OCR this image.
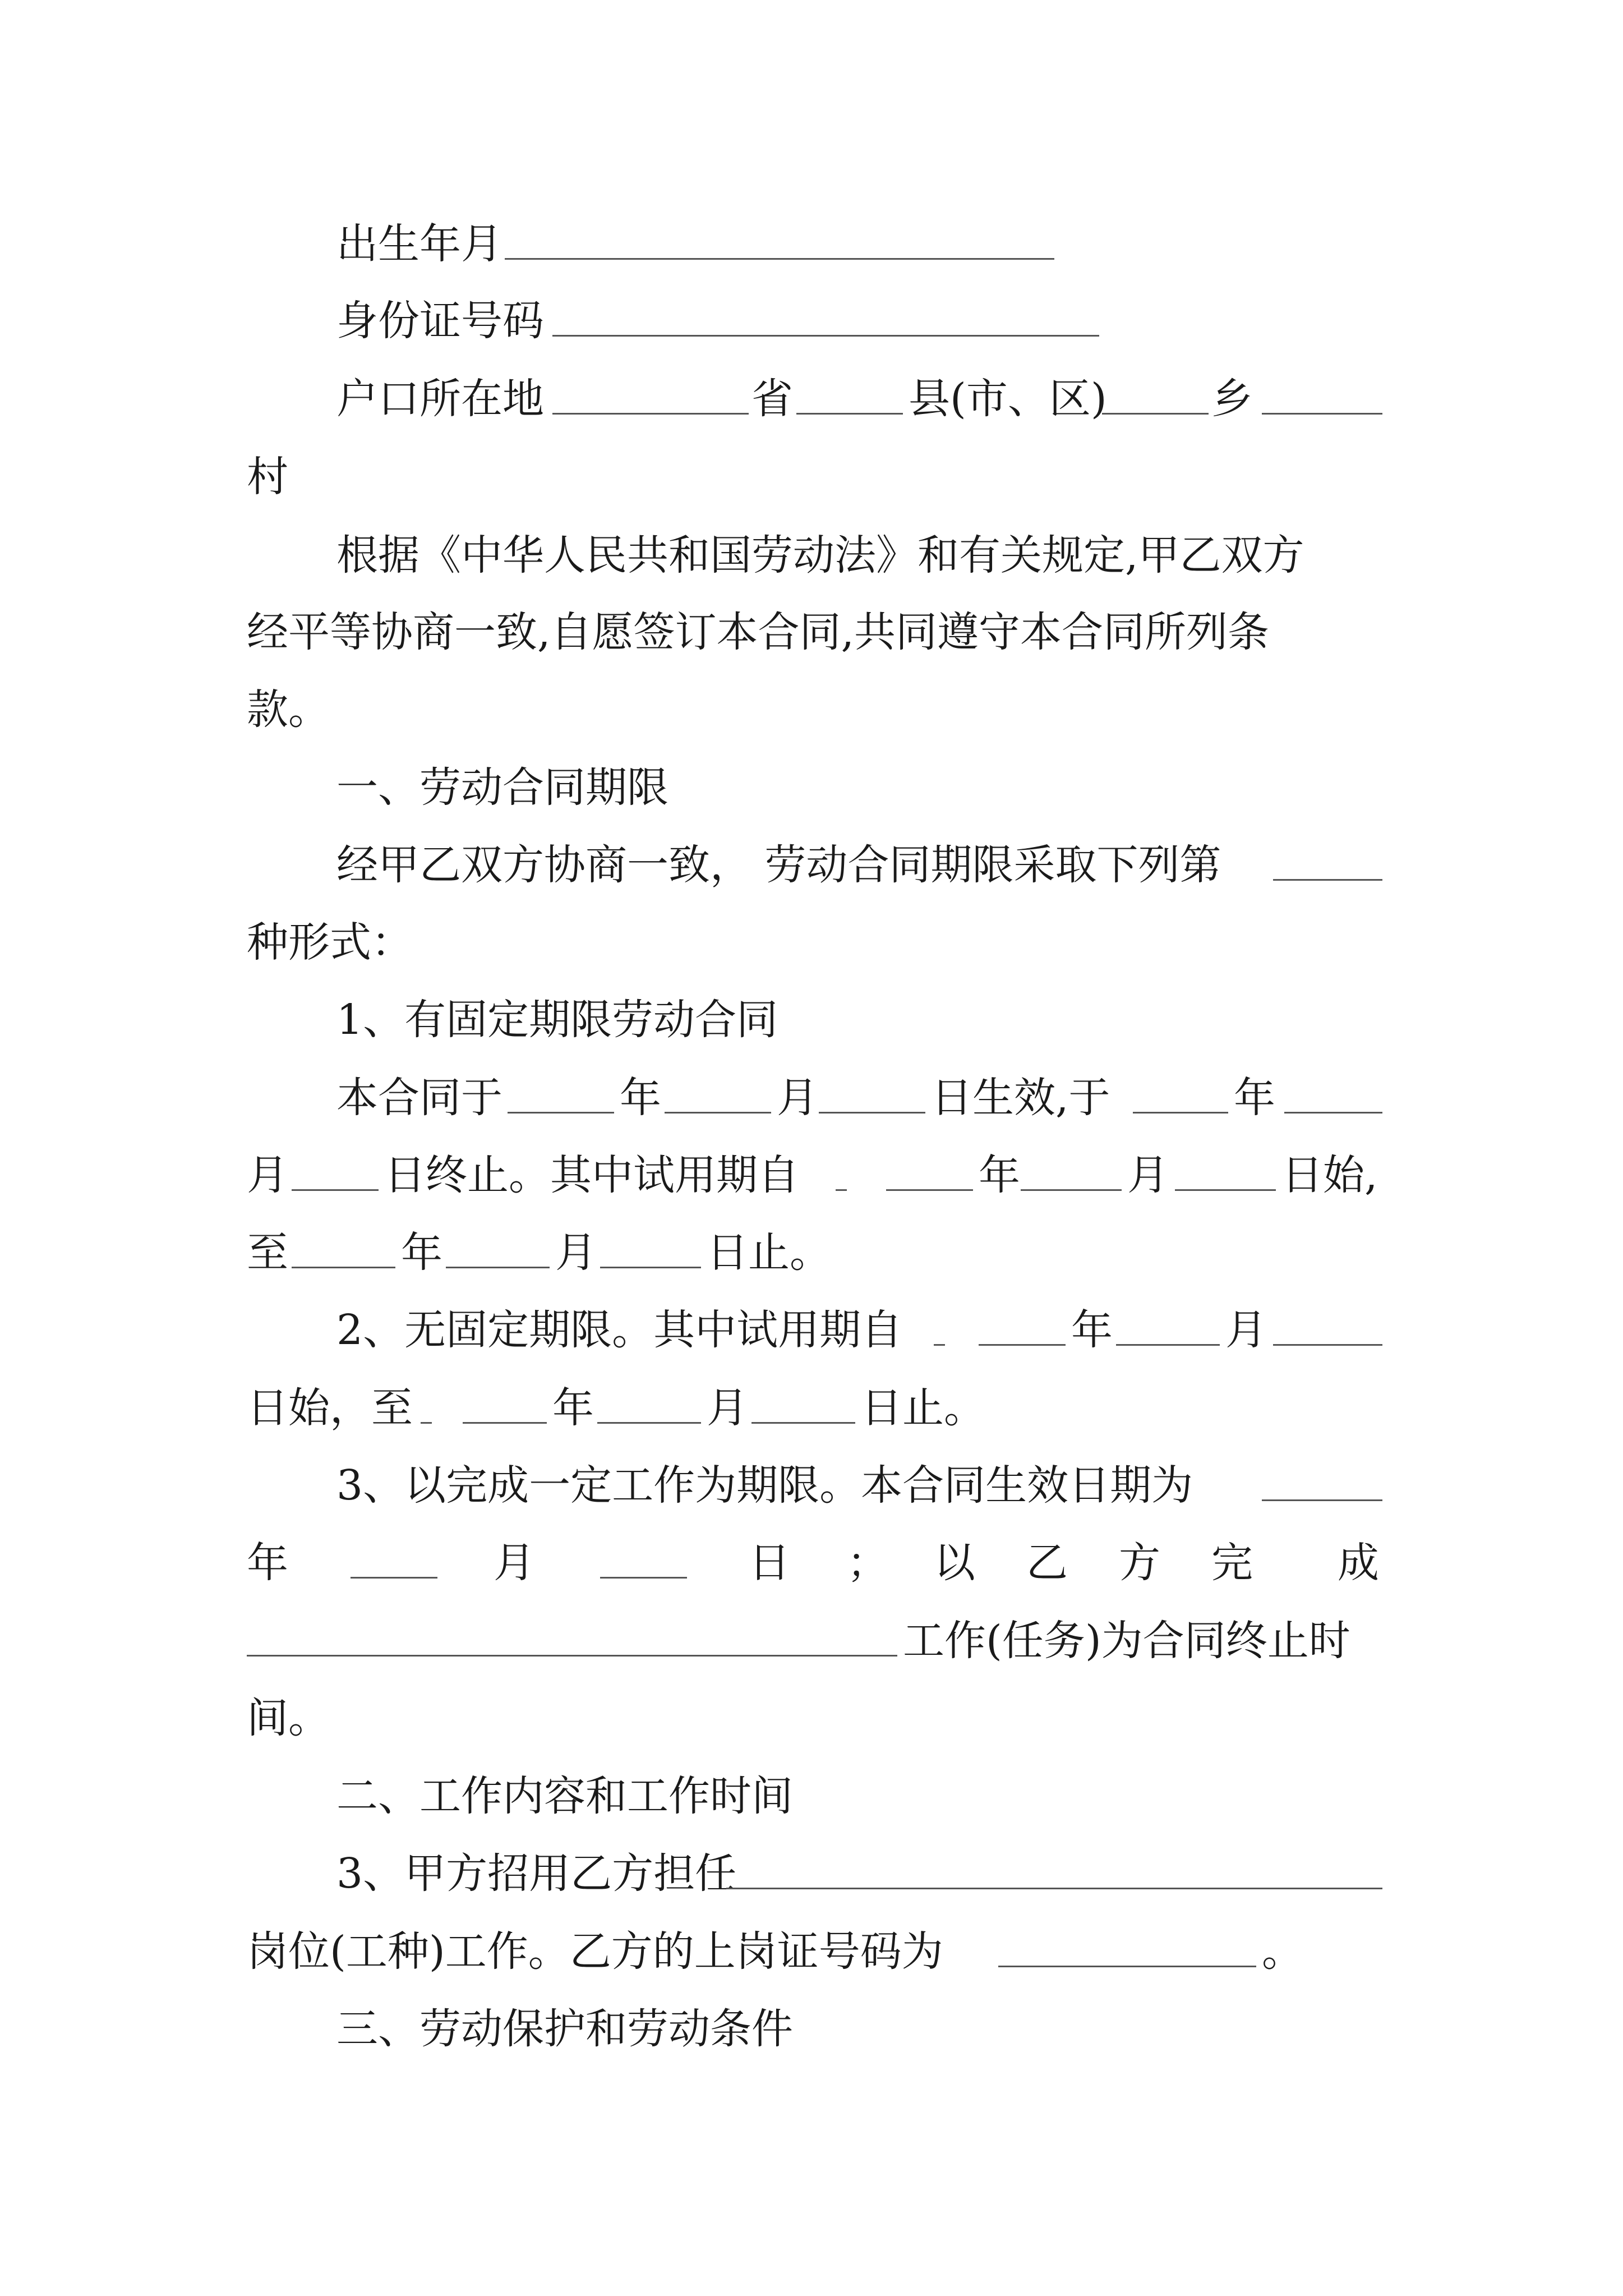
出生年月
身份证号码
户口所在地	省	县(市、区)	乡
村
根据《中华人民共和国劳动法》和有关规定,甲乙双方
经平等协商一致,自愿签订本合同,共同遵守本合同所列条
款。
一、劳动合同期限
经甲乙双方协商一致， 劳动合同期限采取下列第
种形式：
1、有固定期限劳动合同
本合同于	年	月	日生效,于	年
月 日终止。其中试用期自	年	月	日始,
至	年	月	日止。
2、无固定期限。其中试用期自	年	月
日始，至	年	月	日止。
3、以完成一定工作为期限。本合同生效日期为
年	月	日 ； 以 乙 方 完 成
工作(任务)为合同终止时
间。
二、工作内容和工作时间
3、甲方招用乙方担任
岗位(工种)工作。乙方的上岗证号码为	。
三、劳动保护和劳动条件
